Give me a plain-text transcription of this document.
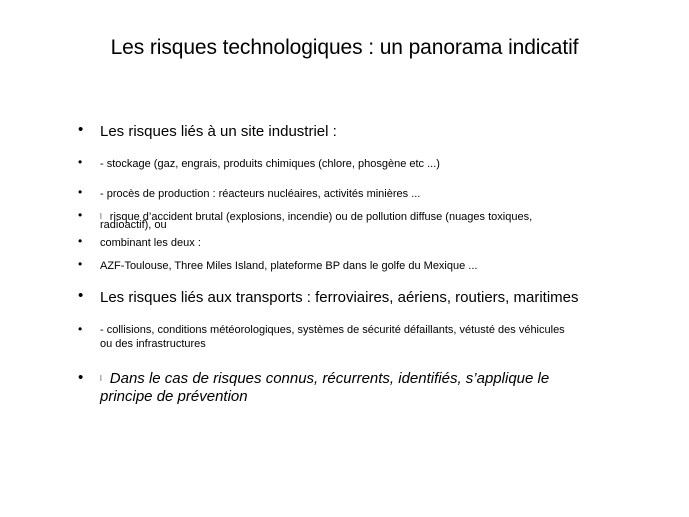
Les risques technologiques : un panorama indicatif
• Les risques liés à un site industriel :
• - stockage (gaz, engrais, produits chimiques (chlore, phosgène etc ...)
• - procès de production : réacteurs nucléaires, activités minières ...
• l risque d’accident brutal (explosions, incendie) ou de pollution diffuse (nuages toxiques,
radioactif), ou
• combinant les deux :
• AZF-Toulouse, Three Miles Island, plateforme BP dans le golfe du Mexique ...
• Les risques liés aux transports : ferroviaires, aériens, routiers, maritimes
• - collisions, conditions météorologiques, systèmes de sécurité défaillants, vétusté des véhicules
ou des infrastructures
• l Dans le cas de risques connus, récurrents, identifiés, s’applique le
principe de prévention
